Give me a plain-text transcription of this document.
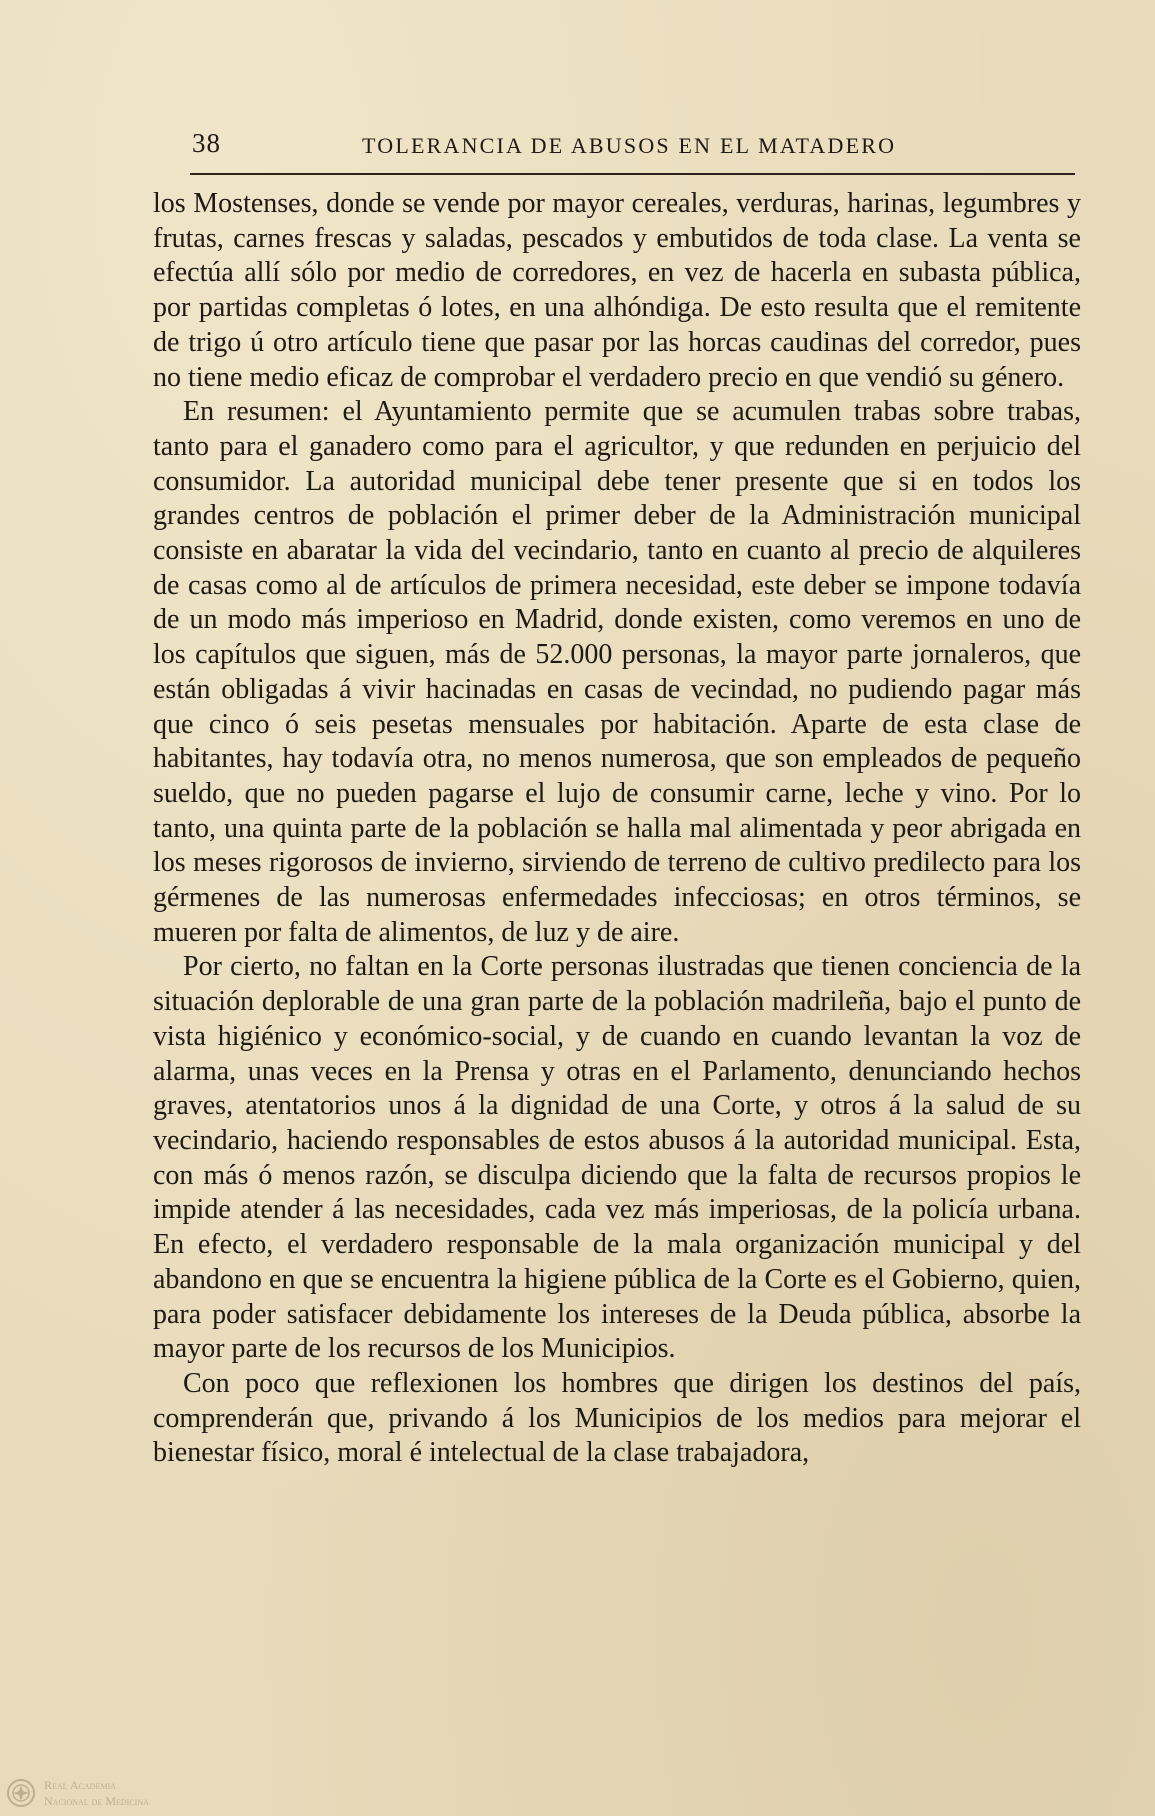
38	TOLERANCIA DE ABUSOS EN EL MATADERO

los Mostenses, donde se vende por mayor cereales, verduras, harinas, legumbres y frutas, carnes frescas y saladas, pescados y embutidos de toda clase. La venta se efectúa allí sólo por medio de corredores, en vez de hacerla en subasta pública, por partidas completas ó lotes, en una alhóndiga. De esto resulta que el remitente de trigo ú otro artículo tiene que pasar por las horcas caudinas del corredor, pues no tiene medio eficaz de comprobar el verdadero precio en que vendió su género.

En resumen: el Ayuntamiento permite que se acumulen trabas sobre trabas, tanto para el ganadero como para el agricultor, y que redunden en perjuicio del consumidor. La autoridad municipal debe tener presente que si en todos los grandes centros de población el primer deber de la Administración municipal consiste en abaratar la vida del vecindario, tanto en cuanto al precio de alquileres de casas como al de artículos de primera necesidad, este deber se impone todavía de un modo más imperioso en Madrid, donde existen, como veremos en uno de los capítulos que siguen, más de 52.000 personas, la mayor parte jornaleros, que están obligadas á vivir hacinadas en casas de vecindad, no pudiendo pagar más que cinco ó seis pesetas mensuales por habitación. Aparte de esta clase de habitantes, hay todavía otra, no menos numerosa, que son empleados de pequeño sueldo, que no pueden pagarse el lujo de consumir carne, leche y vino. Por lo tanto, una quinta parte de la población se halla mal alimentada y peor abrigada en los meses rigorosos de invierno, sirviendo de terreno de cultivo predilecto para los gérmenes de las numerosas enfermedades infecciosas; en otros términos, se mueren por falta de alimentos, de luz y de aire.

Por cierto, no faltan en la Corte personas ilustradas que tienen conciencia de la situación deplorable de una gran parte de la población madrileña, bajo el punto de vista higiénico y económico-social, y de cuando en cuando levantan la voz de alarma, unas veces en la Prensa y otras en el Parlamento, denunciando hechos graves, atentatorios unos á la dignidad de una Corte, y otros á la salud de su vecindario, haciendo responsables de estos abusos á la autoridad municipal. Esta, con más ó menos razón, se disculpa diciendo que la falta de recursos propios le impide atender á las necesidades, cada vez más imperiosas, de la policía urbana. En efecto, el verdadero responsable de la mala organización municipal y del abandono en que se encuentra la higiene pública de la Corte es el Gobierno, quien, para poder satisfacer debidamente los intereses de la Deuda pública, absorbe la mayor parte de los recursos de los Municipios.

Con poco que reflexionen los hombres que dirigen los destinos del país, comprenderán que, privando á los Municipios de los medios para mejorar el bienestar físico, moral é intelectual de la clase trabajadora,

Real Academia
Nacional de Medicina
